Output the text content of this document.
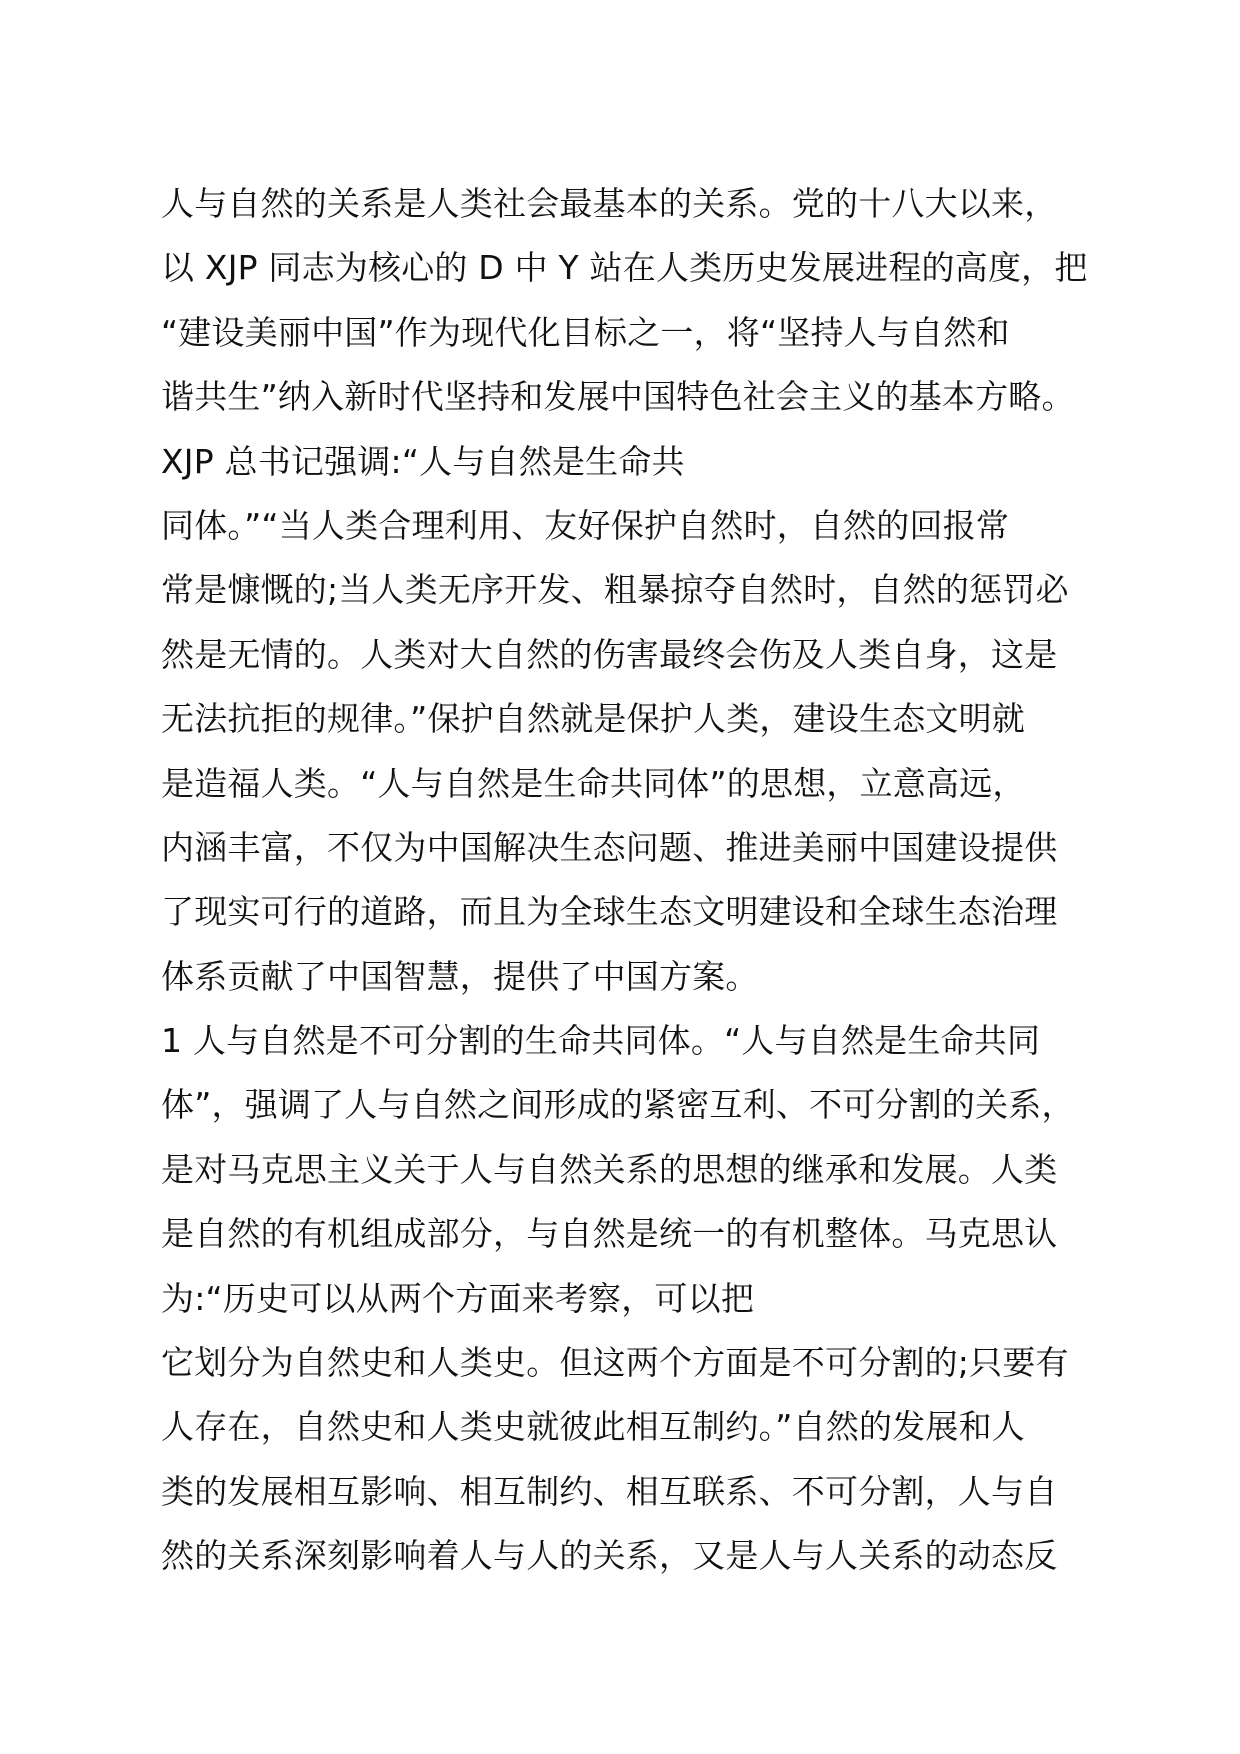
人与自然的关系是人类社会最基本的关系。党的十八大以来，
以 XJP 同志为核心的 D 中 Y 站在人类历史发展进程的高度，把
“建设美丽中国”作为现代化目标之一，将“坚持人与自然和
谐共生”纳入新时代坚持和发展中国特色社会主义的基本方略。
XJP 总书记强调:“人与自然是生命共
同体。”“当人类合理利用、友好保护自然时，自然的回报常
常是慷慨的;当人类无序开发、粗暴掠夺自然时，自然的惩罚必
然是无情的。人类对大自然的伤害最终会伤及人类自身，这是
无法抗拒的规律。”保护自然就是保护人类，建设生态文明就
是造福人类。“人与自然是生命共同体”的思想，立意高远，
内涵丰富，不仅为中国解决生态问题、推进美丽中国建设提供
了现实可行的道路，而且为全球生态文明建设和全球生态治理
体系贡献了中国智慧，提供了中国方案。
1 人与自然是不可分割的生命共同体。“人与自然是生命共同
体”，强调了人与自然之间形成的紧密互利、不可分割的关系，
是对马克思主义关于人与自然关系的思想的继承和发展。人类
是自然的有机组成部分，与自然是统一的有机整体。马克思认
为:“历史可以从两个方面来考察，可以把
它划分为自然史和人类史。但这两个方面是不可分割的;只要有
人存在，自然史和人类史就彼此相互制约。”自然的发展和人
类的发展相互影响、相互制约、相互联系、不可分割，人与自
然的关系深刻影响着人与人的关系，又是人与人关系的动态反
